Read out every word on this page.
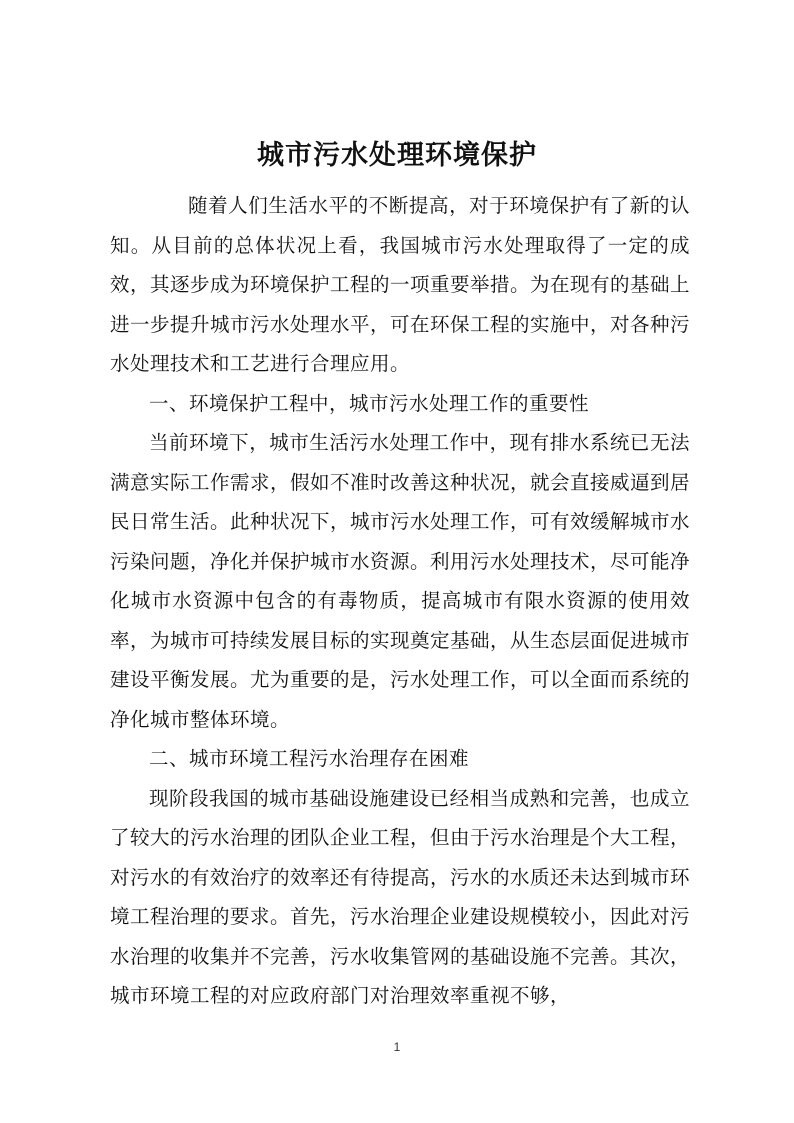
城市污水处理环境保护

随着人们生活水平的不断提高，对于环境保护有了新的认知。从目前的总体状况上看，我国城市污水处理取得了一定的成效，其逐步成为环境保护工程的一项重要举措。为在现有的基础上进一步提升城市污水处理水平，可在环保工程的实施中，对各种污水处理技术和工艺进行合理应用。

一、环境保护工程中，城市污水处理工作的重要性

当前环境下，城市生活污水处理工作中，现有排水系统已无法满意实际工作需求，假如不准时改善这种状况，就会直接威逼到居民日常生活。此种状况下，城市污水处理工作，可有效缓解城市水污染问题，净化并保护城市水资源。利用污水处理技术，尽可能净化城市水资源中包含的有毒物质，提高城市有限水资源的使用效率，为城市可持续发展目标的实现奠定基础，从生态层面促进城市建设平衡发展。尤为重要的是，污水处理工作，可以全面而系统的净化城市整体环境。

二、城市环境工程污水治理存在困难

现阶段我国的城市基础设施建设已经相当成熟和完善，也成立了较大的污水治理的团队企业工程，但由于污水治理是个大工程，对污水的有效治疗的效率还有待提高，污水的水质还未达到城市环境工程治理的要求。首先，污水治理企业建设规模较小，因此对污水治理的收集并不完善，污水收集管网的基础设施不完善。其次，城市环境工程的对应政府部门对治理效率重视不够，

1
